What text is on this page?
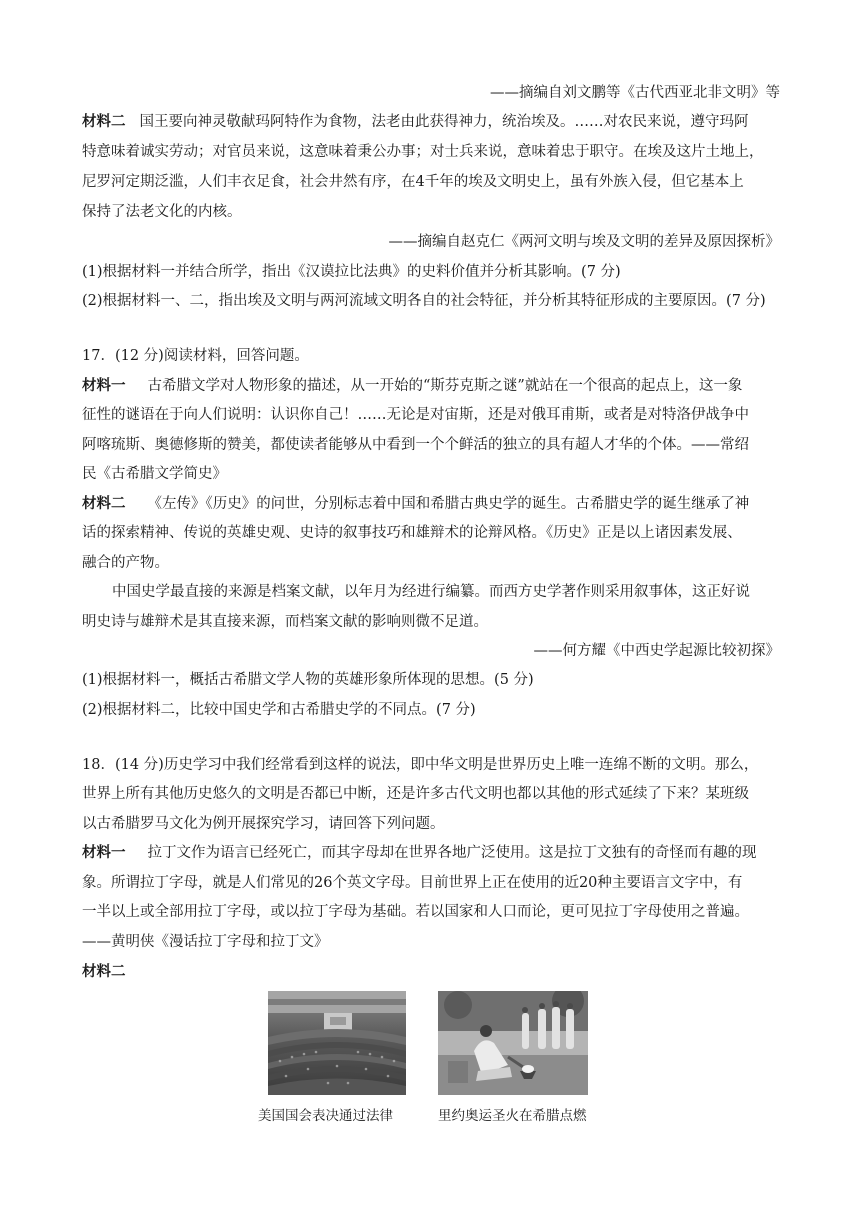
——摘编自刘文鹏等《古代西亚北非文明》等
材料二 国王要向神灵敬献玛阿特作为食物，法老由此获得神力，统治埃及。……对农民来说，遵守玛阿
特意味着诚实劳动；对官员来说，这意味着秉公办事；对士兵来说，意味着忠于职守。在埃及这片土地上，
尼罗河定期泛滥，人们丰衣足食，社会井然有序，在4千年的埃及文明史上，虽有外族入侵，但它基本上
保持了法老文化的内核。
——摘编自赵克仁《两河文明与埃及文明的差异及原因探析》
(1)根据材料一并结合所学，指出《汉谟拉比法典》的史料价值并分析其影响。(7 分)
(2)根据材料一、二，指出埃及文明与两河流域文明各自的社会特征，并分析其特征形成的主要原因。(7 分)
17．(12 分)阅读材料，回答问题。
材料一 古希腊文学对人物形象的描述，从一开始的“斯芬克斯之谜”就站在一个很高的起点上，这一象
征性的谜语在于向人们说明：认识你自己！……无论是对宙斯，还是对俄耳甫斯，或者是对特洛伊战争中
阿喀琉斯、奥德修斯的赞美，都使读者能够从中看到一个个鲜活的独立的具有超人才华的个体。——常绍
民《古希腊文学简史》
材料二 《左传》《历史》的问世，分别标志着中国和希腊古典史学的诞生。古希腊史学的诞生继承了神
话的探索精神、传说的英雄史观、史诗的叙事技巧和雄辩术的论辩风格。《历史》正是以上诸因素发展、
融合的产物。
中国史学最直接的来源是档案文献，以年月为经进行编纂。而西方史学著作则采用叙事体，这正好说
明史诗与雄辩术是其直接来源，而档案文献的影响则微不足道。
——何方耀《中西史学起源比较初探》
(1)根据材料一，概括古希腊文学人物的英雄形象所体现的思想。(5 分)
(2)根据材料二，比较中国史学和古希腊史学的不同点。(7 分)
18．(14 分)历史学习中我们经常看到这样的说法，即中华文明是世界历史上唯一连绵不断的文明。那么，
世界上所有其他历史悠久的文明是否都已中断，还是许多古代文明也都以其他的形式延续了下来？某班级
以古希腊罗马文化为例开展探究学习，请回答下列问题。
材料一 拉丁文作为语言已经死亡，而其字母却在世界各地广泛使用。这是拉丁文独有的奇怪而有趣的现
象。所谓拉丁字母，就是人们常见的26个英文字母。目前世界上正在使用的近20种主要语言文字中，有
一半以上或全部用拉丁字母，或以拉丁字母为基础。若以国家和人口而论，更可见拉丁字母使用之普遍。
——黄明侠《漫话拉丁字母和拉丁文》
材料二
美国国会表决通过法律	里约奥运圣火在希腊点燃
